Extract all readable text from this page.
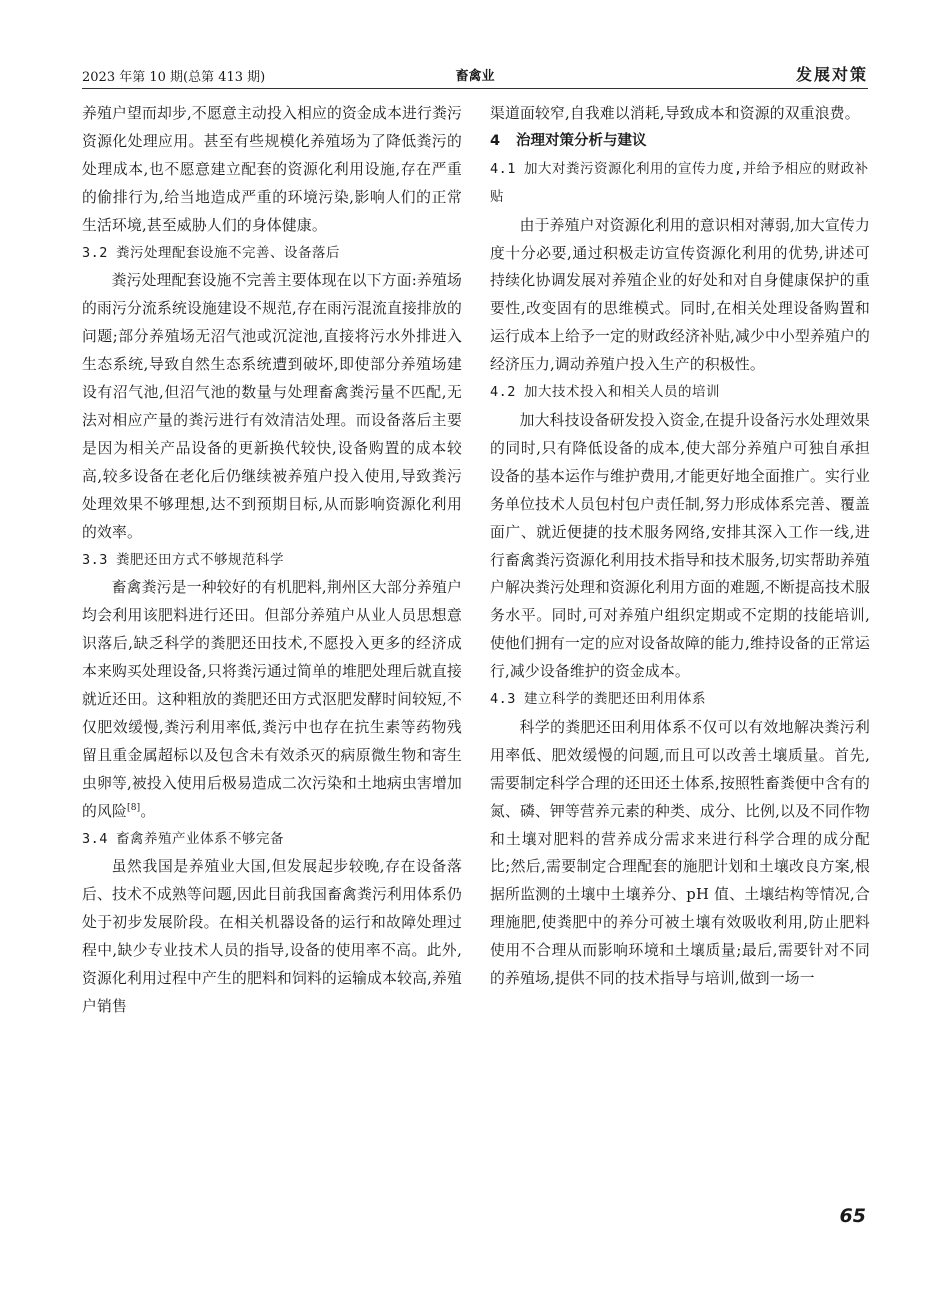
2023 年第 10 期(总第 413 期)	畜禽业	发展对策

养殖户望而却步,不愿意主动投入相应的资金成本进行粪污资源化处理应用。甚至有些规模化养殖场为了降低粪污的处理成本,也不愿意建立配套的资源化利用设施,存在严重的偷排行为,给当地造成严重的环境污染,影响人们的正常生活环境,甚至威胁人们的身体健康。

3.2 粪污处理配套设施不完善、设备落后

粪污处理配套设施不完善主要体现在以下方面:养殖场的雨污分流系统设施建设不规范,存在雨污混流直接排放的问题;部分养殖场无沼气池或沉淀池,直接将污水外排进入生态系统,导致自然生态系统遭到破坏,即使部分养殖场建设有沼气池,但沼气池的数量与处理畜禽粪污量不匹配,无法对相应产量的粪污进行有效清洁处理。而设备落后主要是因为相关产品设备的更新换代较快,设备购置的成本较高,较多设备在老化后仍继续被养殖户投入使用,导致粪污处理效果不够理想,达不到预期目标,从而影响资源化利用的效率。

3.3 粪肥还田方式不够规范科学

畜禽粪污是一种较好的有机肥料,荆州区大部分养殖户均会利用该肥料进行还田。但部分养殖户从业人员思想意识落后,缺乏科学的粪肥还田技术,不愿投入更多的经济成本来购买处理设备,只将粪污通过简单的堆肥处理后就直接就近还田。这种粗放的粪肥还田方式沤肥发酵时间较短,不仅肥效缓慢,粪污利用率低,粪污中也存在抗生素等药物残留且重金属超标以及包含未有效杀灭的病原微生物和寄生虫卵等,被投入使用后极易造成二次污染和土地病虫害增加的风险[8]。

3.4 畜禽养殖产业体系不够完备

虽然我国是养殖业大国,但发展起步较晚,存在设备落后、技术不成熟等问题,因此目前我国畜禽粪污利用体系仍处于初步发展阶段。在相关机器设备的运行和故障处理过程中,缺少专业技术人员的指导,设备的使用率不高。此外,资源化利用过程中产生的肥料和饲料的运输成本较高,养殖户销售

渠道面较窄,自我难以消耗,导致成本和资源的双重浪费。

4 治理对策分析与建议
4.1 加大对粪污资源化利用的宣传力度,并给予相应的财政补贴

由于养殖户对资源化利用的意识相对薄弱,加大宣传力度十分必要,通过积极走访宣传资源化利用的优势,讲述可持续化协调发展对养殖企业的好处和对自身健康保护的重要性,改变固有的思维模式。同时,在相关处理设备购置和运行成本上给予一定的财政经济补贴,减少中小型养殖户的经济压力,调动养殖户投入生产的积极性。

4.2 加大技术投入和相关人员的培训

加大科技设备研发投入资金,在提升设备污水处理效果的同时,只有降低设备的成本,使大部分养殖户可独自承担设备的基本运作与维护费用,才能更好地全面推广。实行业务单位技术人员包村包户责任制,努力形成体系完善、覆盖面广、就近便捷的技术服务网络,安排其深入工作一线,进行畜禽粪污资源化利用技术指导和技术服务,切实帮助养殖户解决粪污处理和资源化利用方面的难题,不断提高技术服务水平。同时,可对养殖户组织定期或不定期的技能培训,使他们拥有一定的应对设备故障的能力,维持设备的正常运行,减少设备维护的资金成本。

4.3 建立科学的粪肥还田利用体系

科学的粪肥还田利用体系不仅可以有效地解决粪污利用率低、肥效缓慢的问题,而且可以改善土壤质量。首先,需要制定科学合理的还田还土体系,按照牲畜粪便中含有的氮、磷、钾等营养元素的种类、成分、比例,以及不同作物和土壤对肥料的营养成分需求来进行科学合理的成分配比;然后,需要制定合理配套的施肥计划和土壤改良方案,根据所监测的土壤中土壤养分、pH 值、土壤结构等情况,合理施肥,使粪肥中的养分可被土壤有效吸收利用,防止肥料使用不合理从而影响环境和土壤质量;最后,需要针对不同的养殖场,提供不同的技术指导与培训,做到一场一

65
